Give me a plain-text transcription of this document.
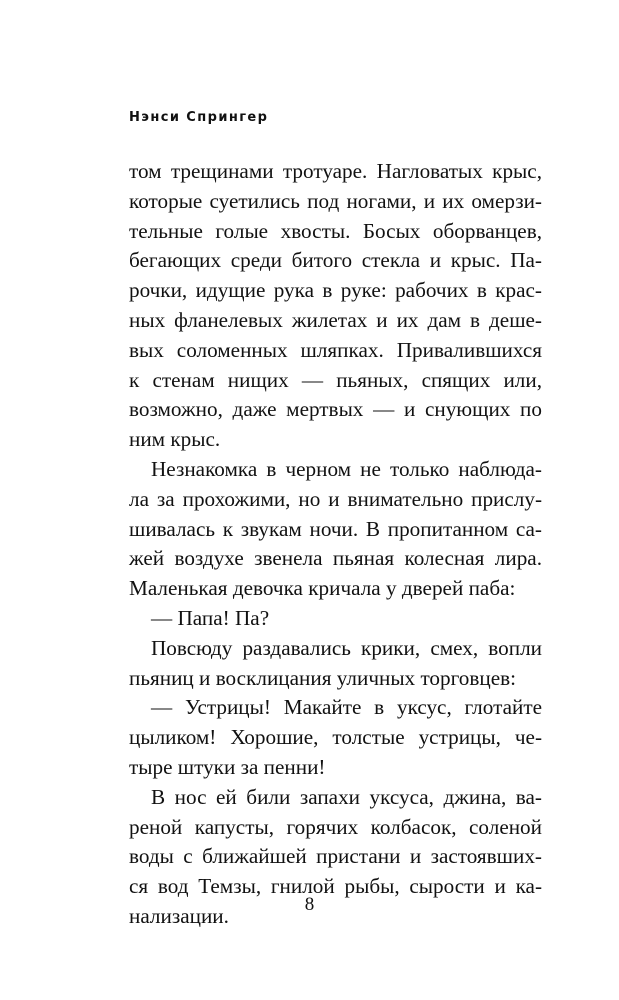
Нэнси Спрингер
том трещинами тротуаре. Нагловатых крыс,
которые суетились под ногами, и их омерзи-
тельные голые хвосты. Босых оборванцев,
бегающих среди битого стекла и крыс. Па-
рочки, идущие рука в руке: рабочих в крас-
ных фланелевых жилетах и их дам в деше-
вых соломенных шляпках. Привалившихся
к стенам нищих — пьяных, спящих или,
возможно, даже мертвых — и снующих по
ним крыс.
Незнакомка в черном не только наблюда-
ла за прохожими, но и внимательно прислу-
шивалась к звукам ночи. В пропитанном са-
жей воздухе звенела пьяная колесная лира.
Маленькая девочка кричала у дверей паба:
— Папа! Па?
Повсюду раздавались крики, смех, вопли
пьяниц и восклицания уличных торговцев:
— Устрицы! Макайте в уксус, глотайте
цыликом! Хорошие, толстые устрицы, че-
тыре штуки за пенни!
В нос ей били запахи уксуса, джина, ва-
реной капусты, горячих колбасок, соленой
воды с ближайшей пристани и застоявших-
ся вод Темзы, гнилой рыбы, сырости и ка-
нализации.	8
